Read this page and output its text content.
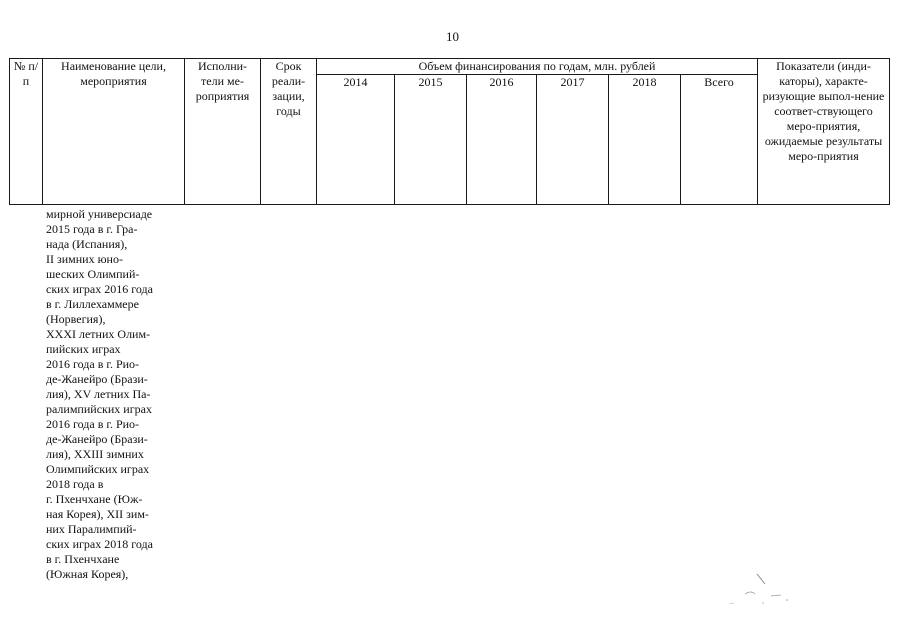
10
№ п/п	Наименование цели, мероприятия	Исполни-тели ме-роприятия	Срок реали-зации, годы	Объем финансирования по годам, млн. рублей						Показатели (инди-каторы), характе-ризующие выпол-нение соответ-ствующего меро-приятия, ожидаемые результаты меро-приятия
				2014	2015	2016	2017	2018	Всего	

мирной универсиаде

2015 года в г. Гра-

нада (Испания),

II зимних юно-

шеских Олимпий-

ских играх 2016 года

в г. Лиллехаммере

(Норвегия),

XXXI летних Олим-

пийских играх

2016 года в г. Рио-

де-Жанейро (Брази-

лия), XV летних Па-

ралимпийских играх

2016 года в г. Рио-

де-Жанейро (Брази-

лия), XXIII зимних

Олимпийских играх

2018 года в

г. Пхенчхане (Юж-

ная Корея), XII зим-

них Паралимпий-

ских играх 2018 года

в г. Пхенчхане

(Южная Корея),
